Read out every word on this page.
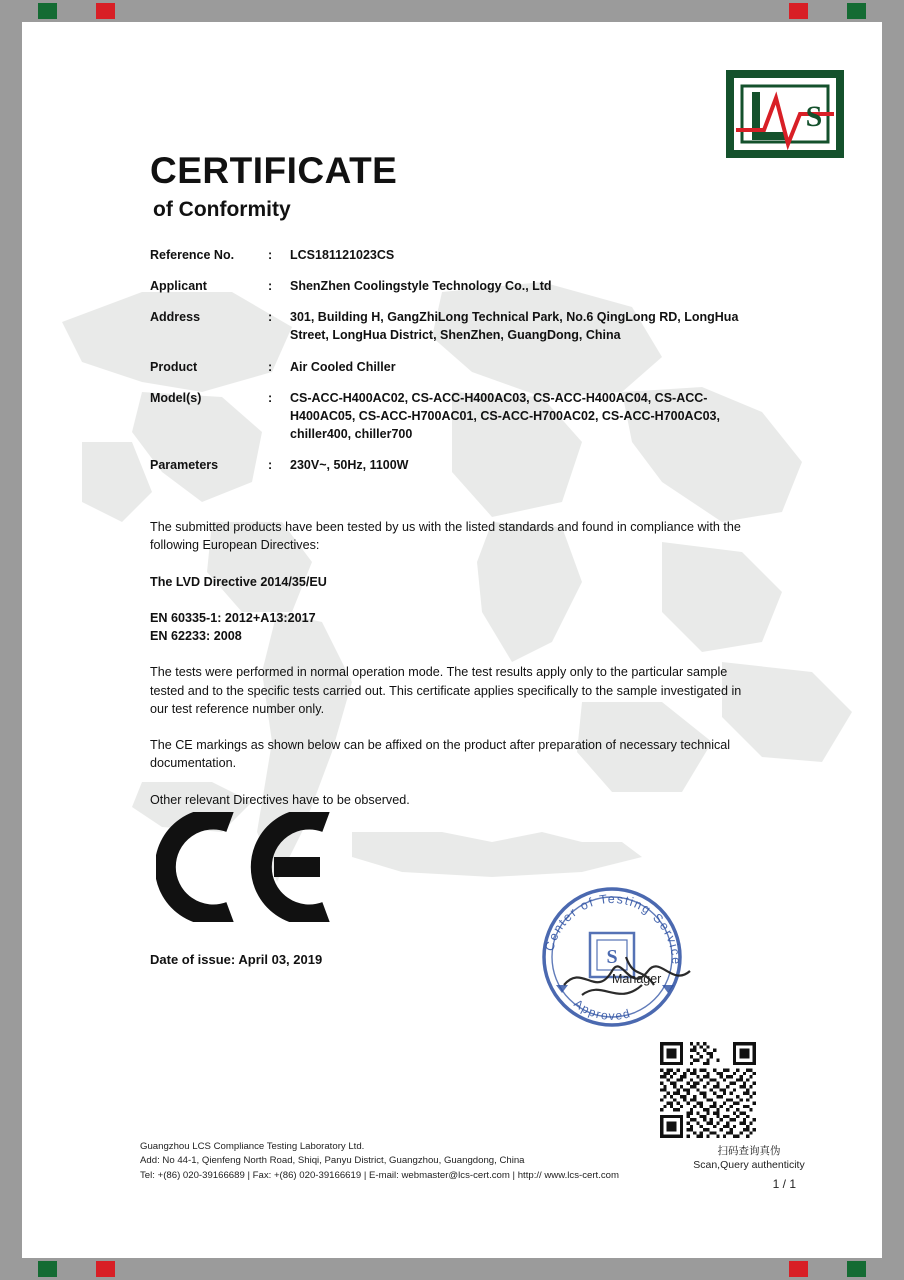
S
CERTIFICATE
of Conformity
Reference No.	:	LCS181121023CS
Applicant	:	ShenZhen Coolingstyle Technology Co., Ltd
Address	:	301, Building H, GangZhiLong Technical Park, No.6 QingLong RD, LongHua Street, LongHua District, ShenZhen, GuangDong, China
Product	:	Air Cooled Chiller
Model(s)	:	CS-ACC-H400AC02, CS-ACC-H400AC03, CS-ACC-H400AC04, CS-ACC-H400AC05, CS-ACC-H700AC01, CS-ACC-H700AC02, CS-ACC-H700AC03, chiller400, chiller700
Parameters	:	230V~, 50Hz, 1100W

The submitted products have been tested by us with the listed standards and found in compliance with the following European Directives:

The LVD Directive 2014/35/EU

EN 60335-1: 2012+A13:2017

EN 62233: 2008

The tests were performed in normal operation mode. The test results apply only to the particular sample tested and to the specific tests carried out. This certificate applies specifically to the sample investigated in our test reference number only.

The CE markings as shown below can be affixed on the product after preparation of necessary technical documentation.

Other relevant Directives have to be observed.

Date of issue: April 03, 2019	S
Center of Testing Service
Approved
Manager
扫码查询真伪
Scan,Query authenticity
1 / 1
Guangzhou LCS Compliance Testing Laboratory Ltd.
Add: No 44-1, Qienfeng North Road, Shiqi, Panyu District, Guangzhou, Guangdong, China
Tel: +(86) 020-39166689 | Fax: +(86) 020-39166619 | E-mail: webmaster@lcs-cert.com | http:// www.lcs-cert.com
